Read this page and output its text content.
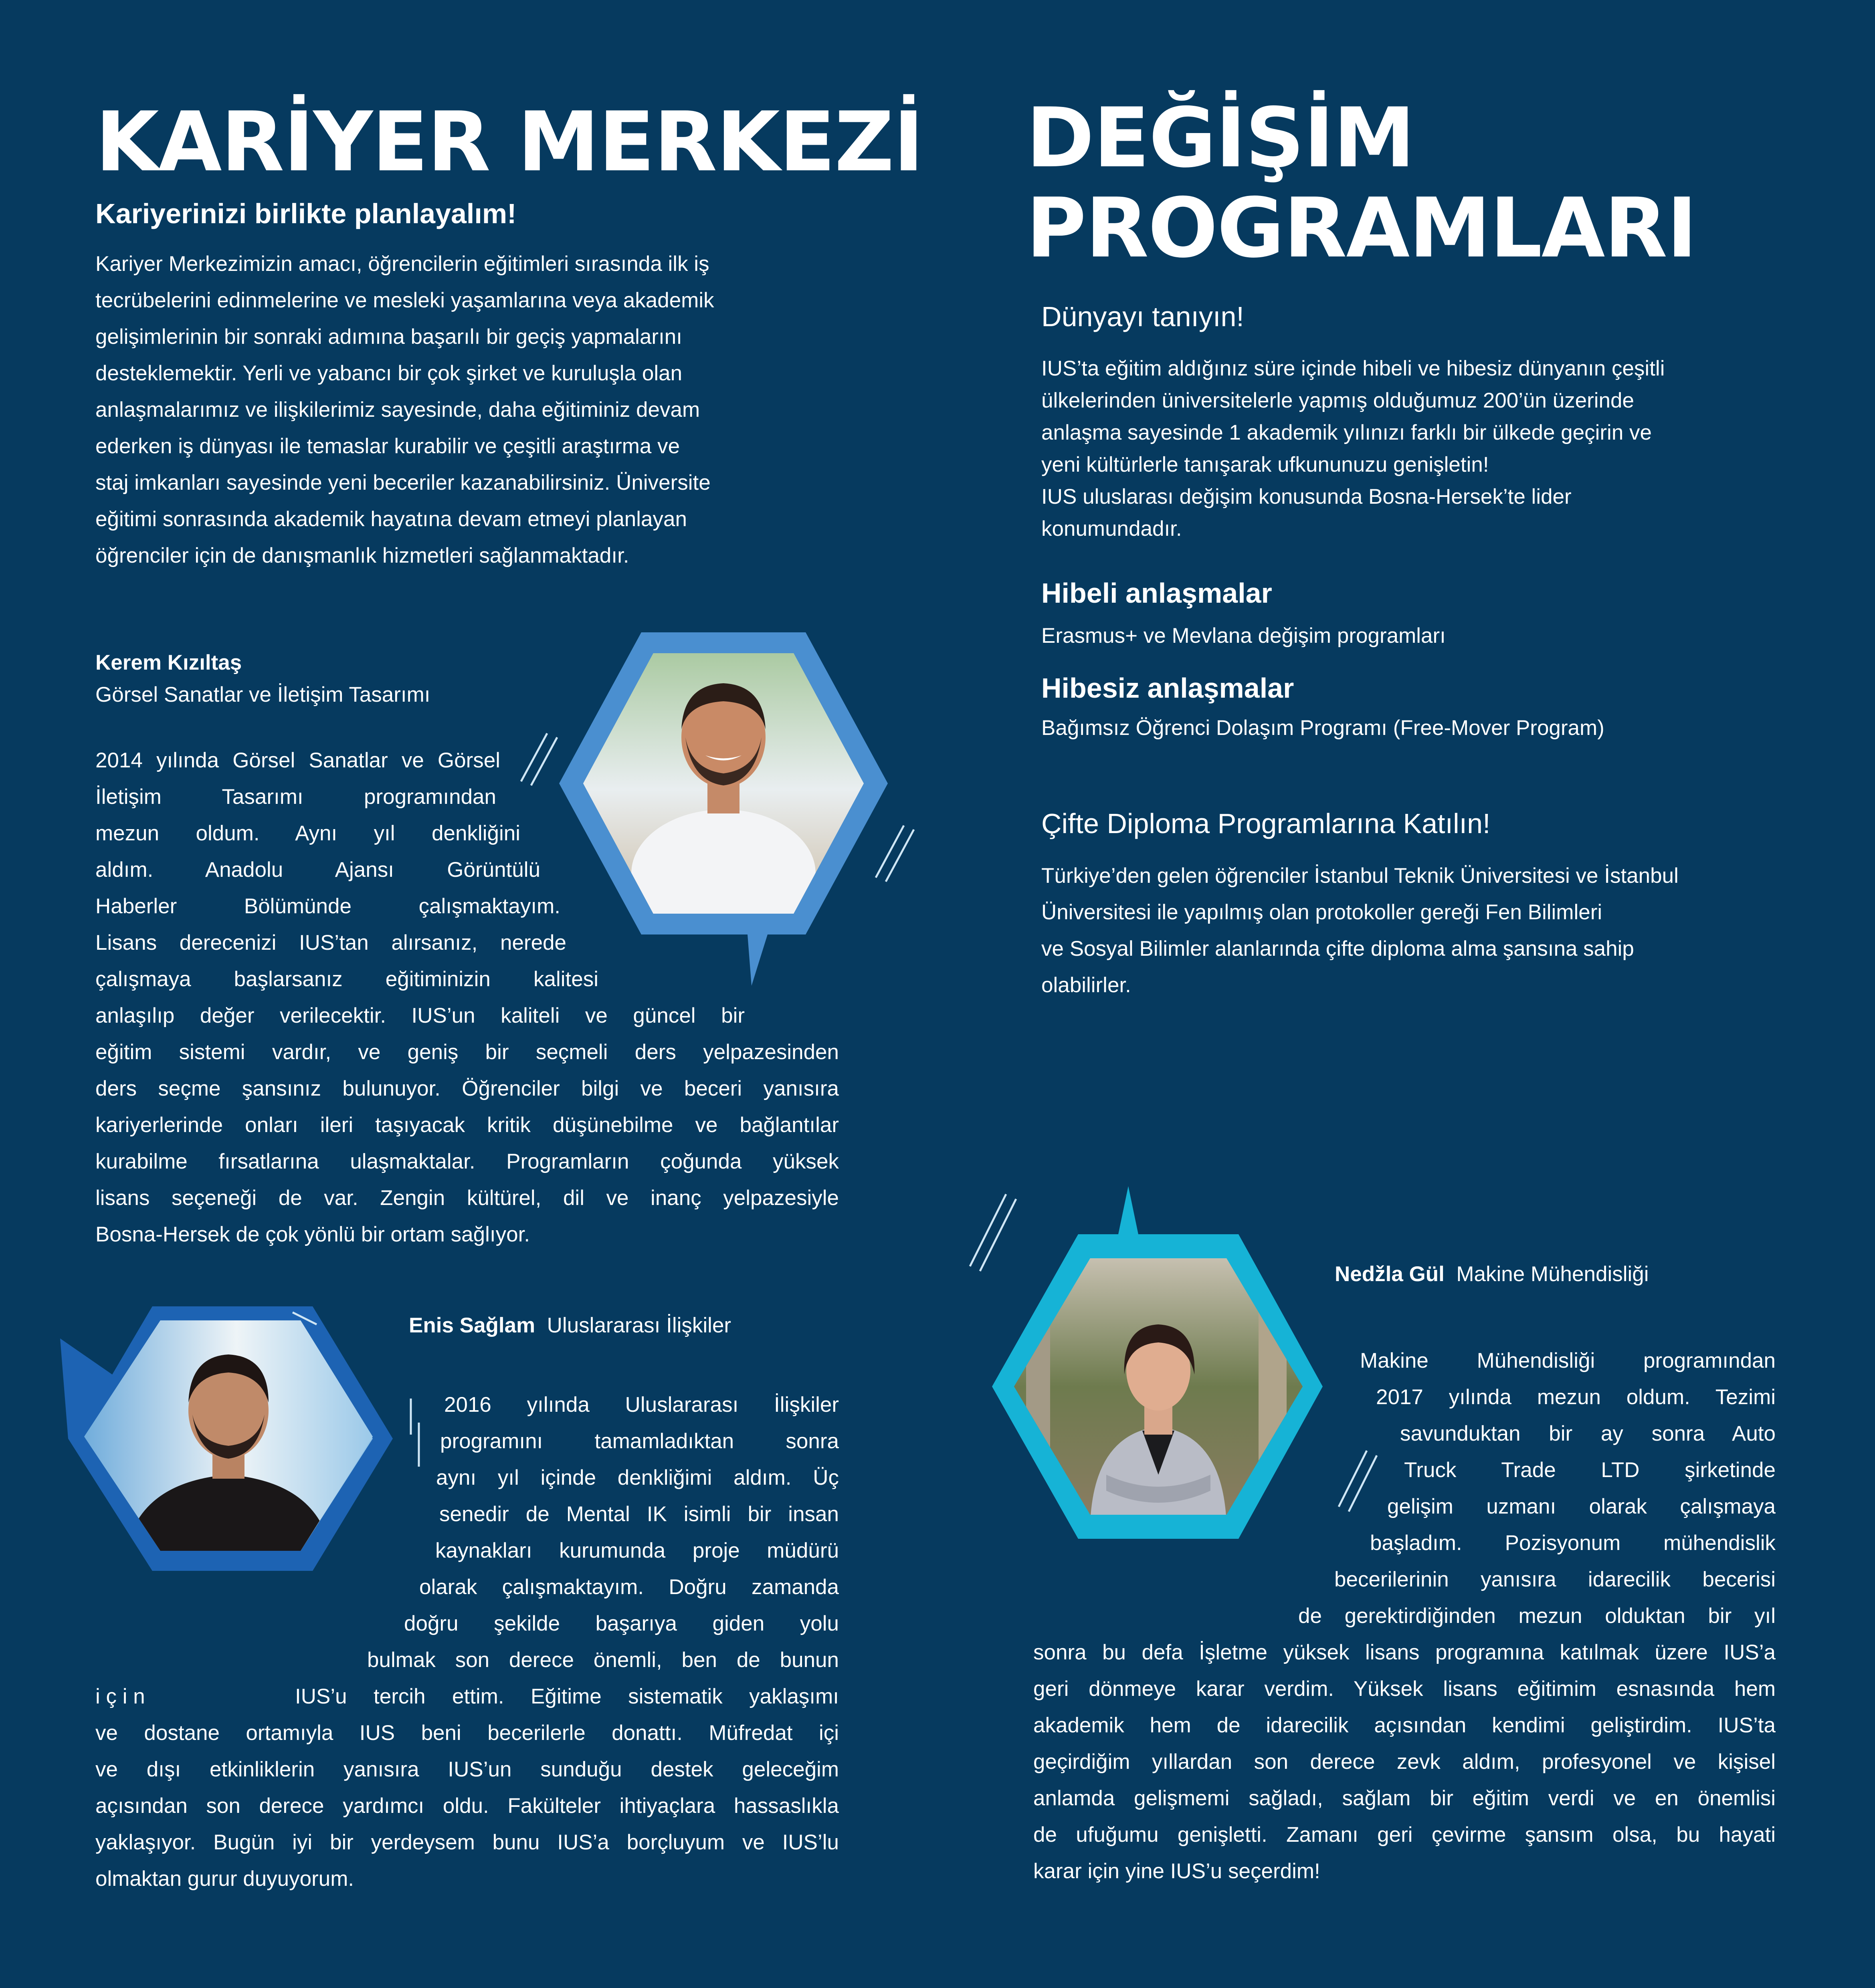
KARİYER MERKEZİ
Kariyerinizi birlikte planlayalım!

Kariyer Merkezimizin amacı, öğrencilerin eğitimleri sırasında ilk iş

tecrübelerini edinmelerine ve mesleki yaşamlarına veya akademik

gelişimlerinin bir sonraki adımına başarılı bir geçiş yapmalarını

desteklemektir. Yerli ve yabancı bir çok şirket ve kuruluşla olan

anlaşmalarımız ve ilişkilerimiz sayesinde, daha eğitiminiz devam

ederken iş dünyası ile temaslar kurabilir ve çeşitli araştırma ve

staj imkanları sayesinde yeni beceriler kazanabilirsiniz. Üniversite

eğitimi sonrasında akademik hayatına devam etmeyi planlayan

öğrenciler için de danışmanlık hizmetleri sağlanmaktadır.

Kerem Kızıltaş
Görsel Sanatlar ve İletişim Tasarımı

2014 yılında Görsel Sanatlar ve Görsel

İletişim Tasarımı programından

mezun oldum. Aynı yıl denkliğini

aldım. Anadolu Ajansı Görüntülü

Haberler Bölümünde çalışmaktayım.

Lisans derecenizi IUS’tan alırsanız, nerede

çalışmaya başlarsanız eğitiminizin kalitesi

anlaşılıp değer verilecektir. IUS’un kaliteli ve güncel bir

eğitim sistemi vardır, ve geniş bir seçmeli ders yelpazesinden

ders seçme şansınız bulunuyor. Öğrenciler bilgi ve beceri yanısıra

kariyerlerinde onları ileri taşıyacak kritik düşünebilme ve bağlantılar

kurabilme fırsatlarına ulaşmaktalar. Programların çoğunda yüksek

lisans seçeneği de var. Zengin kültürel, dil ve inanç yelpazesiyle

Bosna-Hersek de çok yönlü bir ortam sağlıyor.

Enis Sağlam Uluslararası İlişkiler

2016 yılında Uluslararası İlişkiler

programını tamamladıktan sonra

aynı yıl içinde denkliğimi aldım. Üç

senedir de Mental IK isimli bir insan

kaynakları kurumunda proje müdürü

olarak çalışmaktayım. Doğru zamanda

doğru şekilde başarıya giden yolu

bulmak son derece önemli, ben de bunun

i ç i n	IUS’u tercih ettim. Eğitime sistematik yaklaşımı

ve dostane ortamıyla IUS beni becerilerle donattı. Müfredat içi

ve dışı etkinliklerin yanısıra IUS’un sunduğu destek geleceğim

açısından son derece yardımcı oldu. Fakülteler ihtiyaçlara hassaslıkla

yaklaşıyor. Bugün iyi bir yerdeysem bunu IUS’a borçluyum ve IUS’lu

olmaktan gurur duyuyorum.

DEĞİŞİM
PROGRAMLARI
Dünyayı tanıyın!

IUS’ta eğitim aldığınız süre içinde hibeli ve hibesiz dünyanın çeşitli

ülkelerinden üniversitelerle yapmış olduğumuz 200’ün üzerinde

anlaşma sayesinde 1 akademik yılınızı farklı bir ülkede geçirin ve

yeni kültürlerle tanışarak ufkununuzu genişletin!

IUS uluslarası değişim konusunda Bosna-Hersek’te lider

konumundadır.

Hibeli anlaşmalar
Erasmus+ ve Mevlana değişim programları
Hibesiz anlaşmalar
Bağımsız Öğrenci Dolaşım Programı (Free-Mover Program)
Çifte Diploma Programlarına Katılın!

Türkiye’den gelen öğrenciler İstanbul Teknik Üniversitesi ve İstanbul

Üniversitesi ile yapılmış olan protokoller gereği Fen Bilimleri

ve Sosyal Bilimler alanlarında çifte diploma alma şansına sahip

olabilirler.

Nedžla Gül Makine Mühendisliği

Makine Mühendisliği programından

2017 yılında mezun oldum. Tezimi

savunduktan bir ay sonra Auto

Truck Trade LTD şirketinde

gelişim uzmanı olarak çalışmaya

başladım. Pozisyonum mühendislik

becerilerinin yanısıra idarecilik becerisi

de gerektirdiğinden mezun olduktan bir yıl

sonra bu defa İşletme yüksek lisans programına katılmak üzere IUS’a

geri dönmeye karar verdim. Yüksek lisans eğitimim esnasında hem

akademik hem de idarecilik açısından kendimi geliştirdim. IUS’ta

geçirdiğim yıllardan son derece zevk aldım, profesyonel ve kişisel

anlamda gelişmemi sağladı, sağlam bir eğitim verdi ve en önemlisi

de ufuğumu genişletti. Zamanı geri çevirme şansım olsa, bu hayati

karar için yine IUS’u seçerdim!
